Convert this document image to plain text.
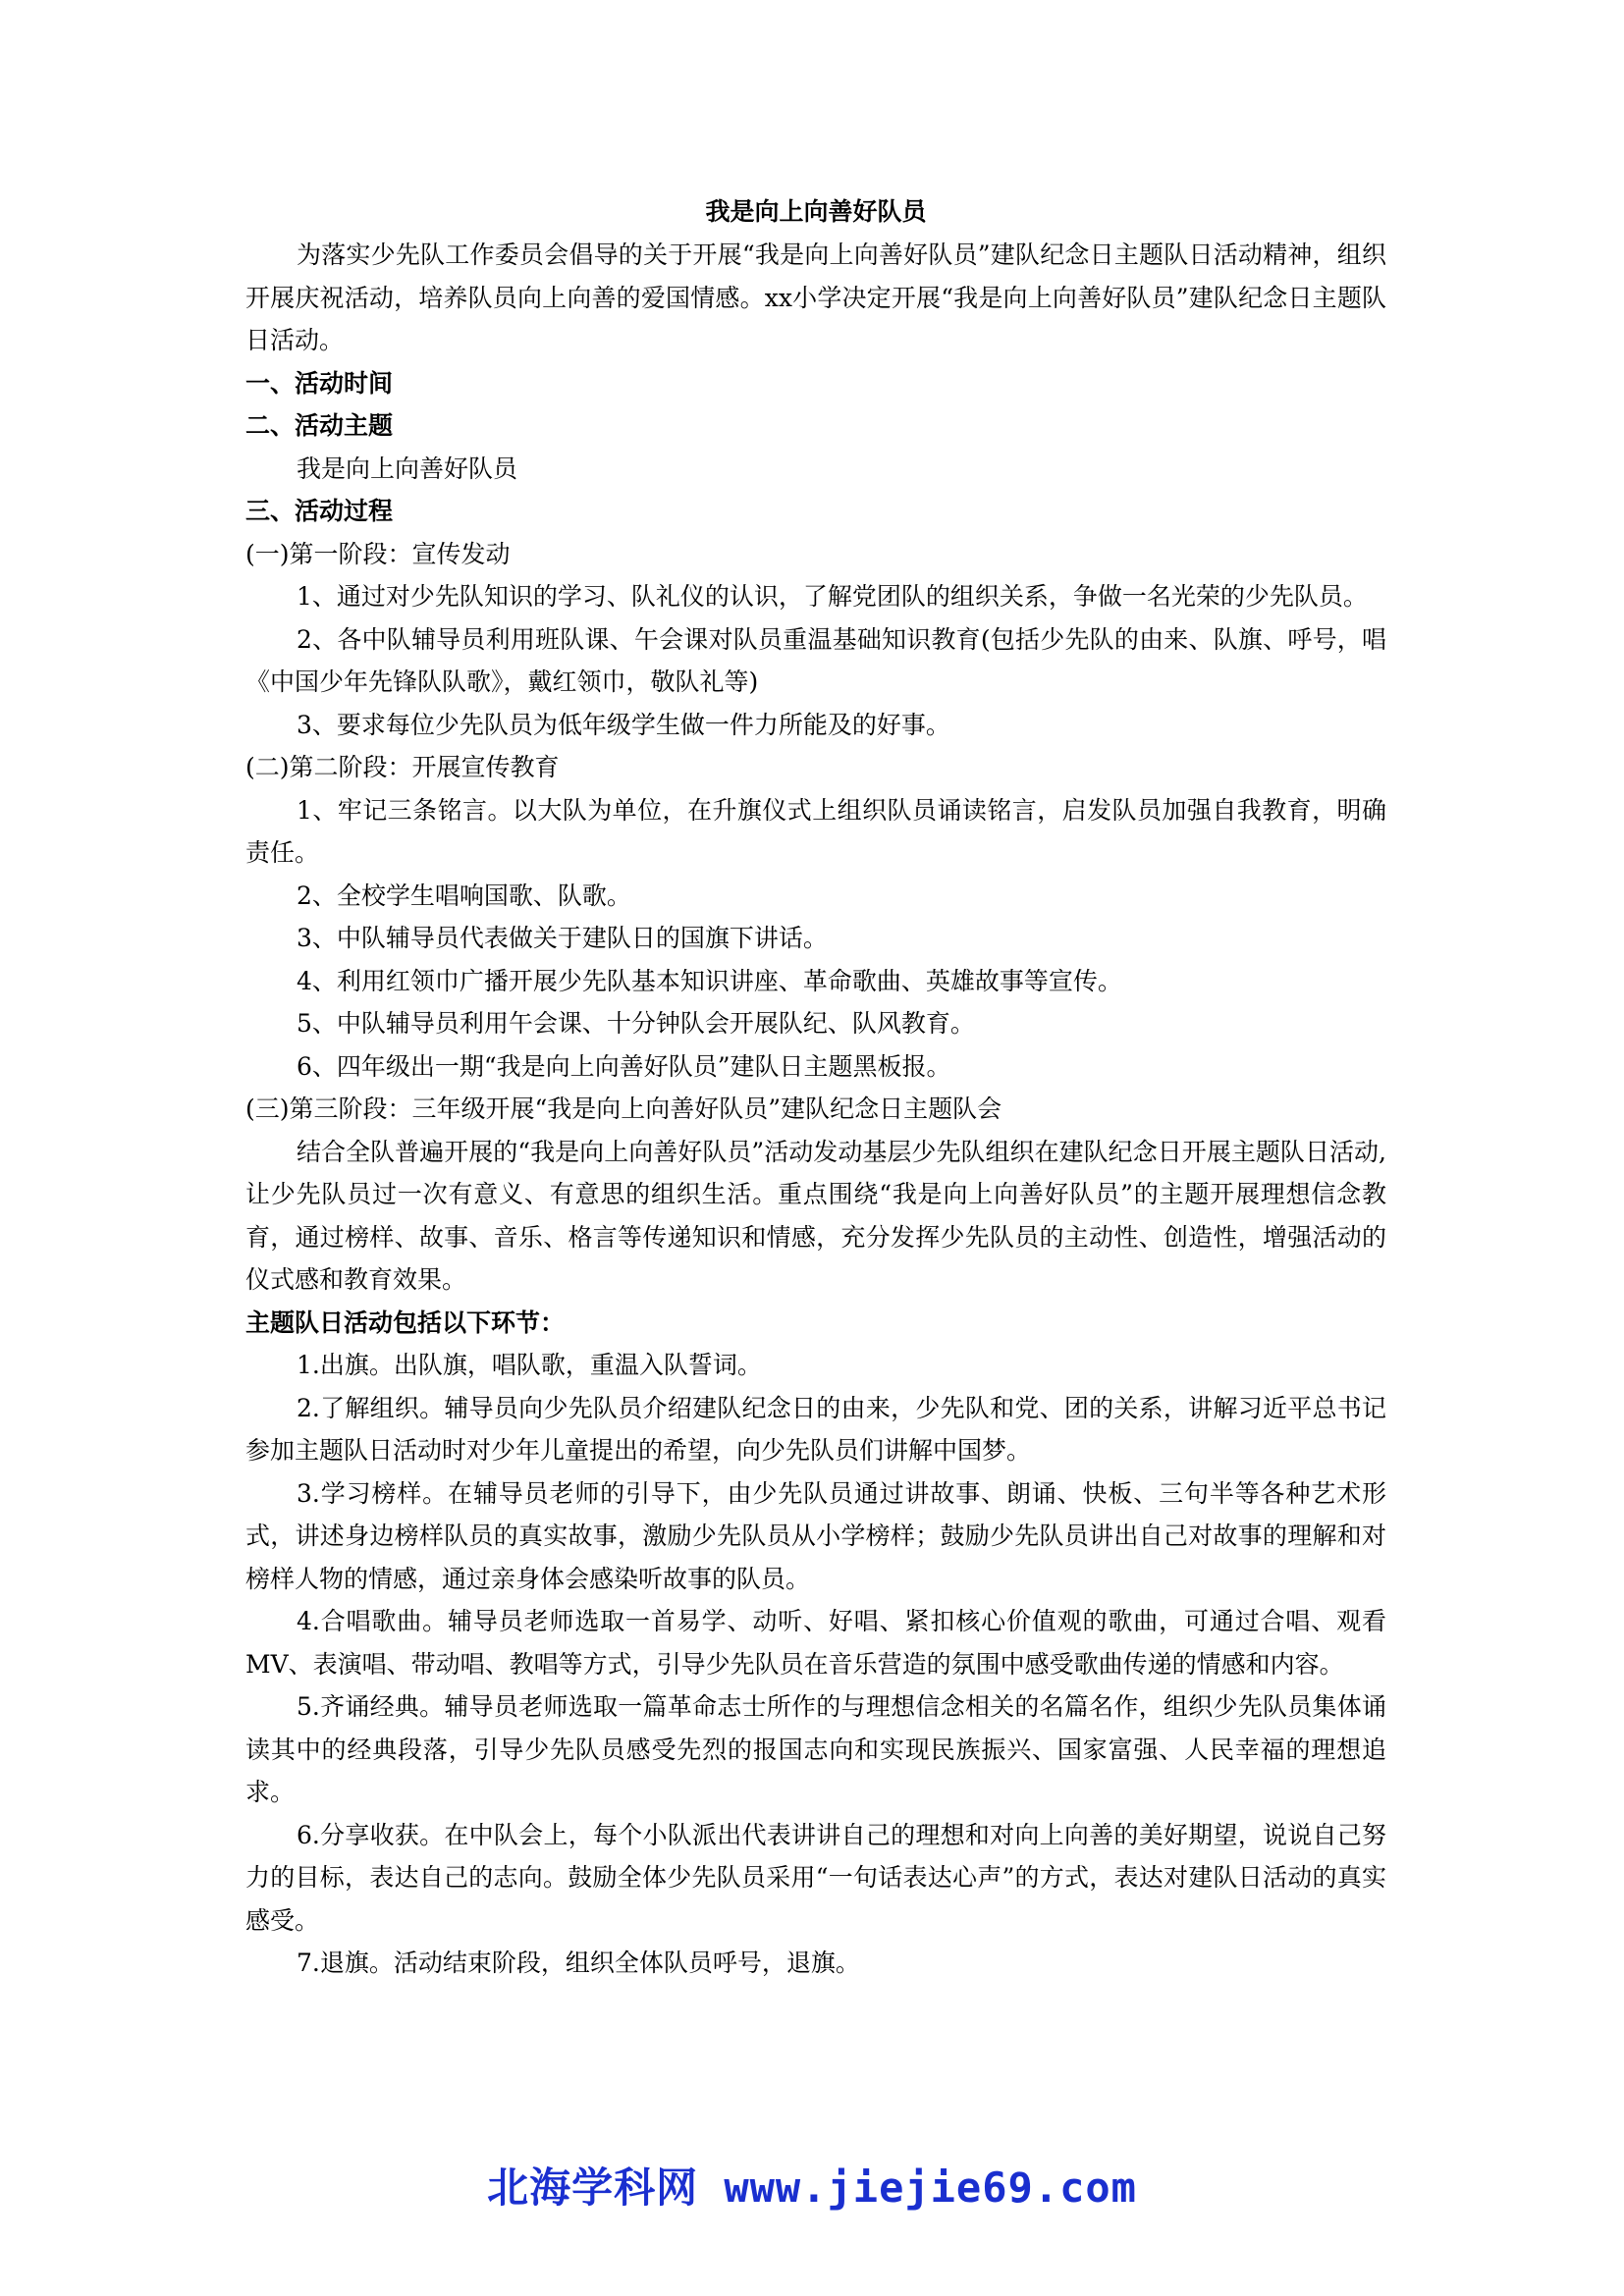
我是向上向善好队员

为落实少先队工作委员会倡导的关于开展“我是向上向善好队员”建队纪念日主题队日活动精神，组织开展庆祝活动，培养队员向上向善的爱国情感。xx小学决定开展“我是向上向善好队员”建队纪念日主题队日活动。

一、活动时间

二、活动主题

我是向上向善好队员

三、活动过程

(一)第一阶段：宣传发动

1、通过对少先队知识的学习、队礼仪的认识，了解党团队的组织关系，争做一名光荣的少先队员。

2、各中队辅导员利用班队课、午会课对队员重温基础知识教育(包括少先队的由来、队旗、呼号，唱《中国少年先锋队队歌》，戴红领巾，敬队礼等)

3、要求每位少先队员为低年级学生做一件力所能及的好事。

(二)第二阶段：开展宣传教育

1、牢记三条铭言。以大队为单位，在升旗仪式上组织队员诵读铭言，启发队员加强自我教育，明确责任。

2、全校学生唱响国歌、队歌。

3、中队辅导员代表做关于建队日的国旗下讲话。

4、利用红领巾广播开展少先队基本知识讲座、革命歌曲、英雄故事等宣传。

5、中队辅导员利用午会课、十分钟队会开展队纪、队风教育。

6、四年级出一期“我是向上向善好队员”建队日主题黑板报。

(三)第三阶段：三年级开展“我是向上向善好队员”建队纪念日主题队会

结合全队普遍开展的“我是向上向善好队员”活动发动基层少先队组织在建队纪念日开展主题队日活动,让少先队员过一次有意义、有意思的组织生活。重点围绕“我是向上向善好队员”的主题开展理想信念教育，通过榜样、故事、音乐、格言等传递知识和情感，充分发挥少先队员的主动性、创造性，增强活动的仪式感和教育效果。

主题队日活动包括以下环节：

1.出旗。出队旗，唱队歌，重温入队誓词。

2.了解组织。辅导员向少先队员介绍建队纪念日的由来，少先队和党、团的关系，讲解习近平总书记参加主题队日活动时对少年儿童提出的希望，向少先队员们讲解中国梦。

3.学习榜样。在辅导员老师的引导下，由少先队员通过讲故事、朗诵、快板、三句半等各种艺术形式，讲述身边榜样队员的真实故事，激励少先队员从小学榜样；鼓励少先队员讲出自己对故事的理解和对榜样人物的情感，通过亲身体会感染听故事的队员。

4.合唱歌曲。辅导员老师选取一首易学、动听、好唱、紧扣核心价值观的歌曲，可通过合唱、观看MV、表演唱、带动唱、教唱等方式，引导少先队员在音乐营造的氛围中感受歌曲传递的情感和内容。

5.齐诵经典。辅导员老师选取一篇革命志士所作的与理想信念相关的名篇名作，组织少先队员集体诵读其中的经典段落，引导少先队员感受先烈的报国志向和实现民族振兴、国家富强、人民幸福的理想追求。

6.分享收获。在中队会上，每个小队派出代表讲讲自己的理想和对向上向善的美好期望，说说自己努力的目标，表达自己的志向。鼓励全体少先队员采用“一句话表达心声”的方式，表达对建队日活动的真实感受。

7.退旗。活动结束阶段，组织全体队员呼号，退旗。

北海学科网 www.jiejie69.com
